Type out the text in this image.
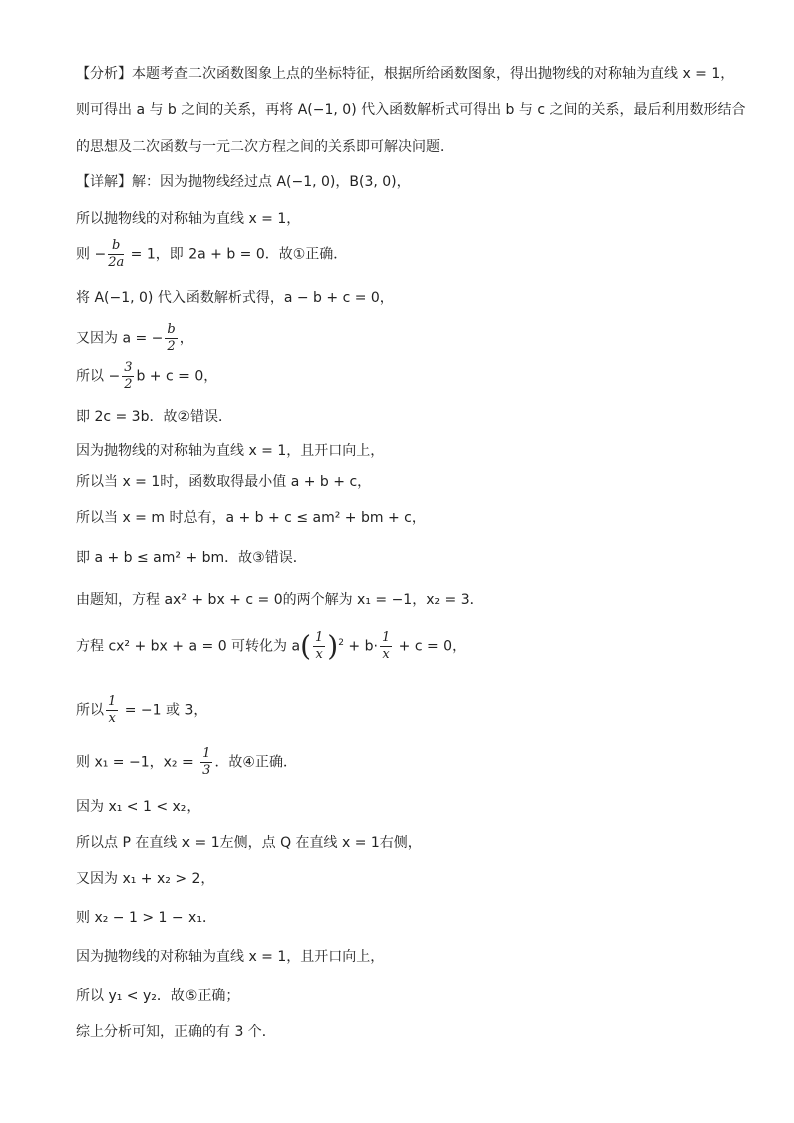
【分析】本题考查二次函数图象上点的坐标特征，根据所给函数图象，得出抛物线的对称轴为直线 x = 1，
则可得出 a 与 b 之间的关系，再将 A(−1, 0) 代入函数解析式可得出 b 与 c 之间的关系，最后利用数形结合
的思想及二次函数与一元二次方程之间的关系即可解决问题．
【详解】解：因为抛物线经过点 A(−1, 0)，B(3, 0)，
所以抛物线的对称轴为直线 x = 1，
则 − $\frac{b}{2a} = 1$，即 2a + b = 0．故①正确．
将 A(−1, 0) 代入函数解析式得，a − b + c = 0，
又因为 a = − $\frac{b}{2}$ ，
所以 − $\frac{3}{2}$ b + c = 0，
即 2c = 3b．故②错误．
因为抛物线的对称轴为直线 x = 1，且开口向上，
所以当 x = 1时，函数取得最小值 a + b + c，
所以当 x = m 时总有，a + b + c ≤ am² + bm + c，
即 a + b ≤ am² + bm．故③错误．
由题知，方程 ax² + bx + c = 0的两个解为 x₁ = −1，x₂ = 3．
方程 cx² + bx + a = 0 可转化为 $a( \frac{1}{x} )^2 + b\cdot \frac{1}{x} + c = 0$，
所以 $\frac{1}{x} = -1$ 或 3，
则 x₁ = −1，$x_2 = \frac{1}{3}$ ．故④正确．
因为 x₁ < 1 < x₂，
所以点 P 在直线 x = 1左侧，点 Q 在直线 x = 1右侧，
又因为 x₁ + x₂ > 2，
则 x₂ − 1 > 1 − x₁．
因为抛物线的对称轴为直线 x = 1，且开口向上，
所以 y₁ < y₂．故⑤正确；
综上分析可知，正确的有 3 个．
